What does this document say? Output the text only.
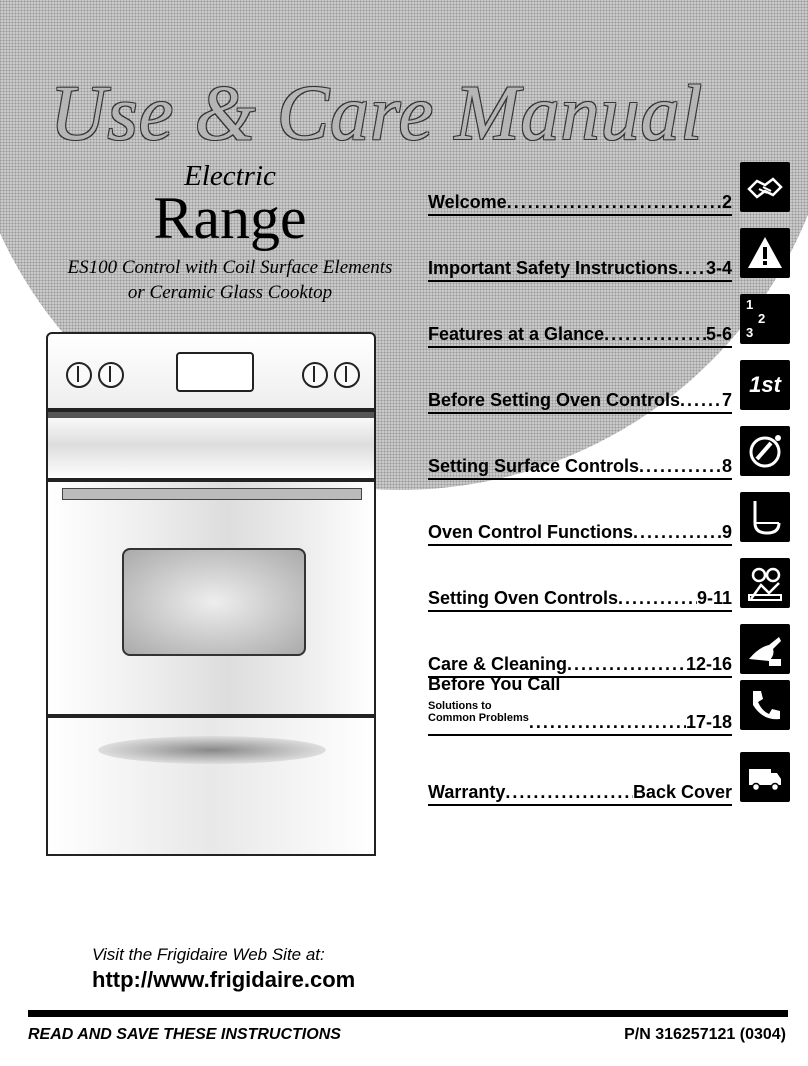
Use & Care Manual
Electric
Range
ES100 Control with Coil Surface Elements
or Ceramic Glass Cooktop
Welcome .....	2
Important Safety Instructions ..... 3-4
Features at a Glance .....	5-6
1
2
3
Before Setting Oven Controls ..... 7
1st
Setting Surface Controls .....	8
Oven Control Functions .....	9
Setting Oven Controls .....	9-11
Care & Cleaning .....	12-16
Before You Call
Solutions to
Common Problems .....	17-18
Warranty .....	Back Cover
Visit the Frigidaire Web Site at:
http://www.frigidaire.com
READ AND SAVE THESE INSTRUCTIONS	P/N 316257121 (0304)
